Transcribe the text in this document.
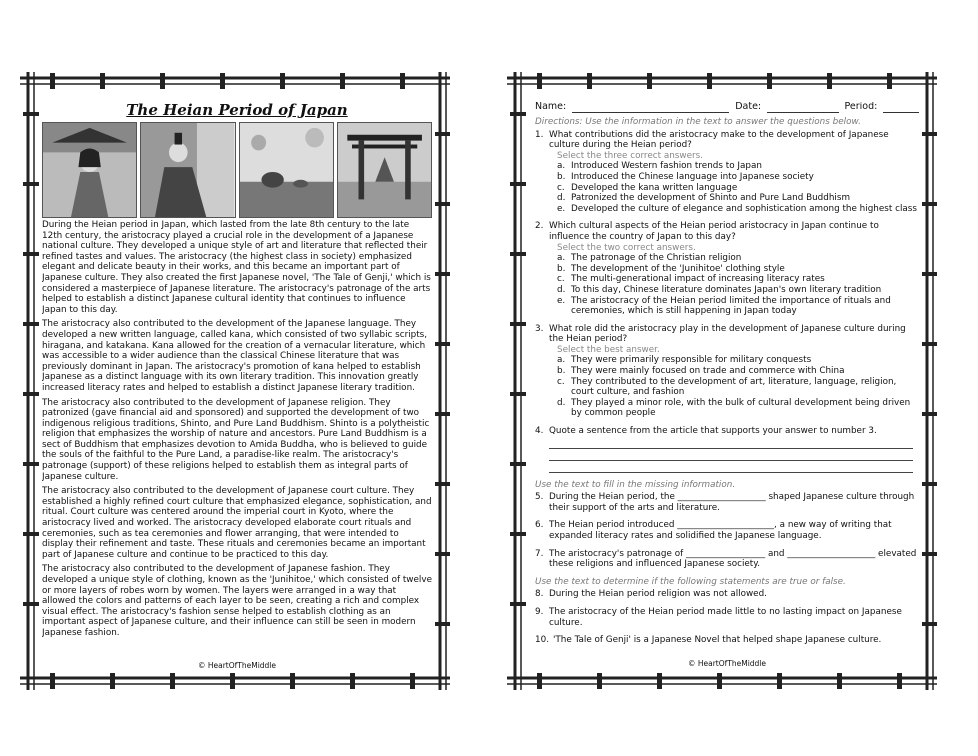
The Heian Period of Japan

During the Heian period in Japan, which lasted from the late 8th century to the late 12th century, the aristocracy played a crucial role in the development of a Japanese national culture. They developed a unique style of art and literature that reflected their refined tastes and values. The aristocracy (the highest class in society) emphasized elegant and delicate beauty in their works, and this became an important part of Japanese culture. They also created the first Japanese novel, 'The Tale of Genji,' which is considered a masterpiece of Japanese literature. The aristocracy's patronage of the arts helped to establish a distinct Japanese cultural identity that continues to influence Japan to this day.

The aristocracy also contributed to the development of the Japanese language. They developed a new written language, called kana, which consisted of two syllabic scripts, hiragana, and katakana. Kana allowed for the creation of a vernacular literature, which was accessible to a wider audience than the classical Chinese literature that was previously dominant in Japan. The aristocracy's promotion of kana helped to establish Japanese as a distinct language with its own literary tradition. This innovation greatly increased literacy rates and helped to establish a distinct Japanese literary tradition.

The aristocracy also contributed to the development of Japanese religion. They patronized (gave financial aid and sponsored) and supported the development of two indigenous religious traditions, Shinto, and Pure Land Buddhism. Shinto is a polytheistic religion that emphasizes the worship of nature and ancestors. Pure Land Buddhism is a sect of Buddhism that emphasizes devotion to Amida Buddha, who is believed to guide the souls of the faithful to the Pure Land, a paradise-like realm. The aristocracy's patronage (support) of these religions helped to establish them as integral parts of Japanese culture.

The aristocracy also contributed to the development of Japanese court culture. They established a highly refined court culture that emphasized elegance, sophistication, and ritual. Court culture was centered around the imperial court in Kyoto, where the aristocracy lived and worked. The aristocracy developed elaborate court rituals and ceremonies, such as tea ceremonies and flower arranging, that were intended to display their refinement and taste. These rituals and ceremonies became an important part of Japanese culture and continue to be practiced to this day.

The aristocracy also contributed to the development of Japanese fashion. They developed a unique style of clothing, known as the 'Junihitoe,' which consisted of twelve or more layers of robes worn by women. The layers were arranged in a way that allowed the colors and patterns of each layer to be seen, creating a rich and complex visual effect. The aristocracy's fashion sense helped to establish clothing as an important aspect of Japanese culture, and their influence can still be seen in modern Japanese fashion.

© HeartOfTheMiddle
Name:	Date:	Period:
Directions: Use the information in the text to answer the questions below.
1. What contributions did the aristocracy make to the development of Japanese culture during the Heian period?
Select the three correct answers.
a. Introduced Western fashion trends to Japan
b. Introduced the Chinese language into Japanese society
c. Developed the kana written language
d. Patronized the development of Shinto and Pure Land Buddhism
e. Developed the culture of elegance and sophistication among the highest class
2. Which cultural aspects of the Heian period aristocracy in Japan continue to influence the country of Japan to this day?
Select the two correct answers.
a. The patronage of the Christian religion
b. The development of the 'Junihitoe' clothing style
c. The multi-generational impact of increasing literacy rates
d. To this day, Chinese literature dominates Japan's own literary tradition
e. The aristocracy of the Heian period limited the importance of rituals and ceremonies, which is still happening in Japan today
3. What role did the aristocracy play in the development of Japanese culture during the Heian period?
Select the best answer.
a. They were primarily responsible for military conquests
b. They were mainly focused on trade and commerce with China
c. They contributed to the development of art, literature, language, religion, court culture, and fashion
d. They played a minor role, with the bulk of cultural development being driven by common people
4. Quote a sentence from the article that supports your answer to number 3.
Use the text to fill in the missing information.
5. During the Heian period, the ____________________ shaped Japanese culture through their support of the arts and literature.
6. The Heian period introduced ______________________, a new way of writing that expanded literacy rates and solidified the Japanese language.
7. The aristocracy's patronage of __________________ and ____________________ elevated these religions and influenced Japanese society.
Use the text to determine if the following statements are true or false.
8. During the Heian period religion was not allowed.
9. The aristocracy of the Heian period made little to no lasting impact on Japanese culture.
10. 'The Tale of Genji' is a Japanese Novel that helped shape Japanese culture.
© HeartOfTheMiddle
